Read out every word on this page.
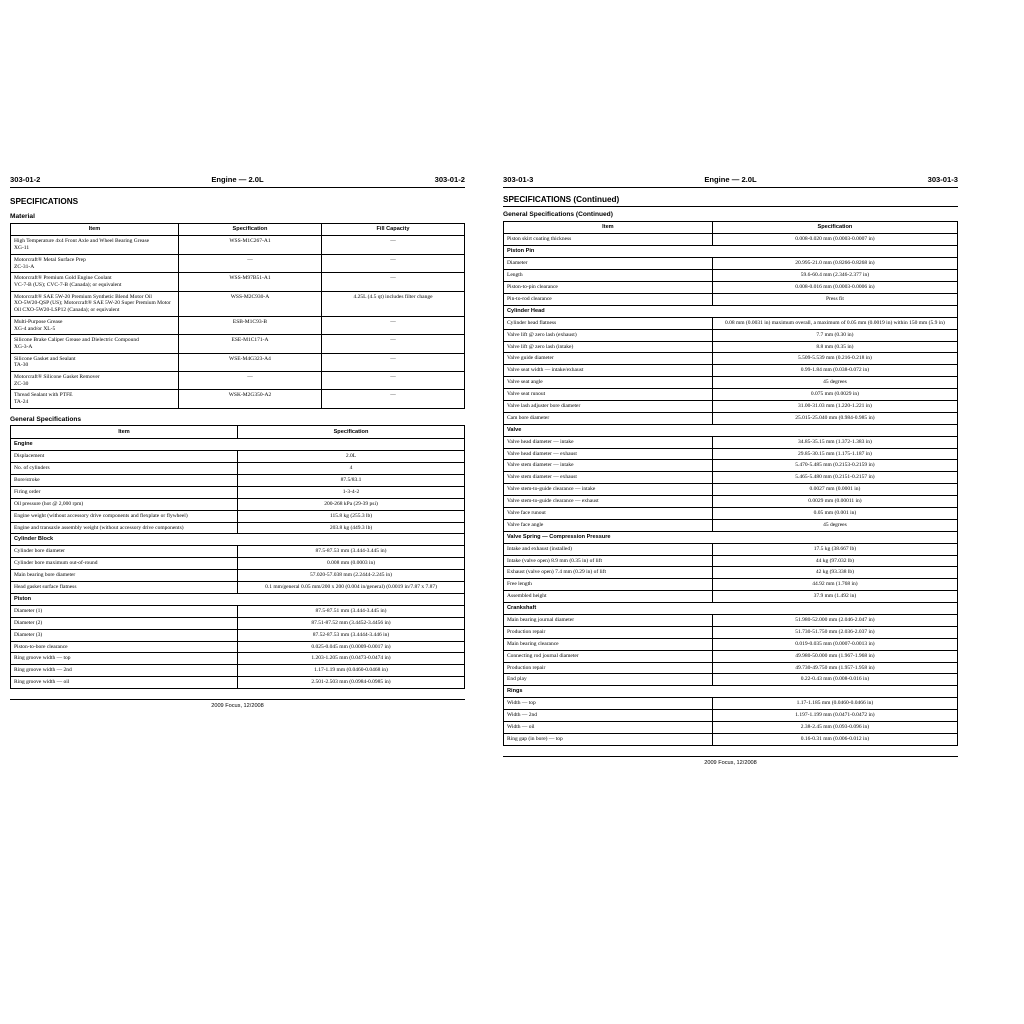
303-01-2	Engine — 2.0L	303-01-2
SPECIFICATIONS
Material
Item	Specification	Fill Capacity
High Temperature 4x4 Front Axle and Wheel Bearing Grease
XG-11	WSS-M1C267-A1	—
Motorcraft® Metal Surface Prep
ZC-31-A	—	—
Motorcraft® Premium Gold Engine Coolant
VC-7-B (US); CVC-7-B (Canada); or equivalent	WSS-M97B51-A1	—
Motorcraft® SAE 5W-20 Premium Synthetic Blend Motor Oil
XO-5W20-QSP (US); Motorcraft® SAE 5W-20 Super Premium Motor Oil CXO-5W20-LSP12 (Canada); or equivalent	WSS-M2C930-A	4.25L (4.5 qt) includes filter change
Multi-Purpose Grease
XG-4 and/or XL-5	ESB-M1C93-B	—
Silicone Brake Caliper Grease and Dielectric Compound
XG-3-A	ESE-M1C171-A	—
Silicone Gasket and Sealant
TA-30	WSE-M4G323-A4	—
Motorcraft® Silicone Gasket Remover
ZC-30	—	—
Thread Sealant with PTFE
TA-24	WSK-M2G350-A2	—
General Specifications
Item	Specification
Engine	
Displacement	2.0L
No. of cylinders	4
Bore/stroke	87.5/83.1
Firing order	1-3-4-2
Oil pressure (hot @ 2,000 rpm)	200-268 kPa (29-39 psi)
Engine weight (without accessory drive components and flexplate or flywheel)	115.8 kg (255.3 lb)
Engine and transaxle assembly weight (without accessory drive components)	203.8 kg (449.3 lb)
Cylinder Block	
Cylinder bore diameter	87.5-87.53 mm (3.444-3.445 in)
Cylinder bore maximum out-of-round	0.008 mm (0.0003 in)
Main bearing bore diameter	57.020-57.038 mm (2.2444-2.245 in)
Head gasket surface flatness	0.1 mm/general 0.05 mm/200 x 200 (0.004 in/general) (0.0019 in/7.87 x 7.87)
Piston	
Diameter (1)	87.5-87.51 mm (3.444-3.445 in)
Diameter (2)	87.51-87.52 mm (3.4452-3.4456 in)
Diameter (3)	87.52-87.53 mm (3.4444-3.446 in)
Piston-to-bore clearance	0.025-0.045 mm (0.0009-0.0017 in)
Ring groove width — top	1.203-1.205 mm (0.0473-0.0474 in)
Ring groove width — 2nd	1.17-1.19 mm (0.0460-0.0468 in)
Ring groove width — oil	2.501-2.503 mm (0.0984-0.0985 in)
2009 Focus, 12/2008
303-01-3	Engine — 2.0L	303-01-3
SPECIFICATIONS (Continued)
General Specifications (Continued)
Item	Specification
Piston skirt coating thickness	0.008-0.020 mm (0.0003-0.0007 in)
Piston Pin	
Diameter	20.995-21.0 mm (0.8266-0.8268 in)
Length	59.6-60.4 mm (2.346-2.377 in)
Piston-to-pin clearance	0.008-0.016 mm (0.0003-0.0006 in)
Pin-to-rod clearance	Press fit
Cylinder Head	
Cylinder head flatness	0.08 mm (0.0031 in) maximum overall, a maximum of 0.05 mm (0.0019 in) within 150 mm (5.9 in)
Valve lift @ zero lash (exhaust)	7.7 mm (0.30 in)
Valve lift @ zero lash (intake)	8.8 mm (0.35 in)
Valve guide diameter	5.509-5.539 mm (0.216-0.218 in)
Valve seat width — intake/exhaust	0.99-1.84 mm (0.038-0.072 in)
Valve seat angle	45 degrees
Valve seat runout	0.075 mm (0.0029 in)
Valve lash adjuster bore diameter	31.00-31.03 mm (1.220-1.221 in)
Cam bore diameter	25.015-25.040 mm (0.984-0.985 in)
Valve	
Valve head diameter — intake	34.85-35.15 mm (1.372-1.383 in)
Valve head diameter — exhaust	29.85-30.15 mm (1.175-1.187 in)
Valve stem diameter — intake	5.470-5.485 mm (0.2153-0.2159 in)
Valve stem diameter — exhaust	5.465-5.480 mm (0.2151-0.2157 in)
Valve stem-to-guide clearance — intake	0.0027 mm (0.0001 in)
Valve stem-to-guide clearance — exhaust	0.0029 mm (0.00011 in)
Valve face runout	0.05 mm (0.001 in)
Valve face angle	45 degrees
Valve Spring — Compression Pressure	
Intake and exhaust (installed)	17.5 kg (38.667 lb)
Intake (valve open) 8.9 mm (0.35 in) of lift	44 kg (97.032 lb)
Exhaust (valve open) 7.4 mm (0.29 in) of lift	42 kg (93.338 lb)
Free length	44.92 mm (1.768 in)
Assembled height	37.9 mm (1.492 in)
Crankshaft	
Main bearing journal diameter	51.980-52.000 mm (2.046-2.047 in)
Production repair	51.730-51.750 mm (2.036-2.037 in)
Main bearing clearance	0.019-0.035 mm (0.0007-0.0013 in)
Connecting rod journal diameter	49.980-50.000 mm (1.967-1.968 in)
Production repair	49.730-49.750 mm (1.957-1.958 in)
End play	0.22-0.43 mm (0.008-0.016 in)
Rings	
Width — top	1.17-1.185 mm (0.0460-0.0466 in)
Width — 2nd	1.197-1.199 mm (0.0471-0.0472 in)
Width — oil	2.38-2.45 mm (0.093-0.096 in)
Ring gap (in bore) — top	0.16-0.31 mm (0.006-0.012 in)
2009 Focus, 12/2008
